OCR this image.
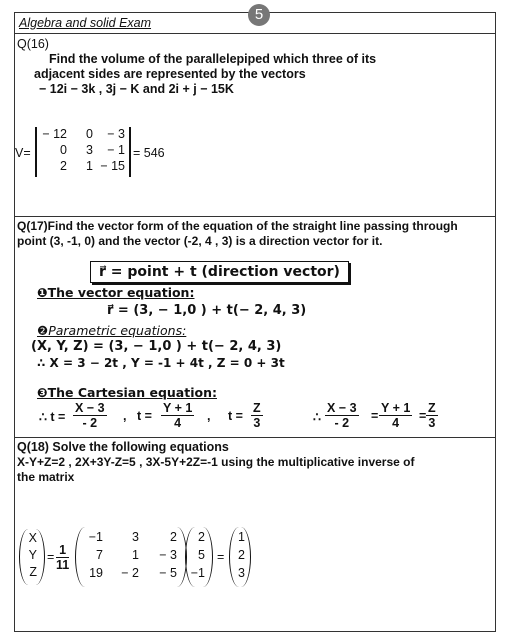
5
Algebra and solid Exam
Q(16)
Find the volume of the parallelepiped which three of its
adjacent sides are represented by the vectors
− 12i − 3k , 3j − K and 2i + j − 15K
V=
− 12	0	− 3
0	3	− 1
2	1 − 15
= 546
Q(17)Find the vector form of the equation of the straight line passing through
point (3, -1, 0) and the vector (-2, 4 , 3) is a direction vector for it.
r⃗ = point + t (direction vector)
❶The vector equation:
r⃗ = (3, − 1,0 ) + t(− 2, 4, 3)
❷Parametric equations:
(X, Y, Z) = (3, − 1,0 ) + t(− 2, 4, 3)
∴ X = 3 − 2t , Y = -1 + 4t , Z = 0 + 3t
❸The Cartesian equation:
∴ $t = \frac{X - 3}{- 2}$ , $t = \frac{Y + 1}{4}$ , $t = \frac{Z}{3}$	∴ $\frac{X - 3}{- 2} = \frac{Y + 1}{4} = \frac{Z}{3}$
Q(18) Solve the following equations
X-Y+Z=2 , 2X+3Y-Z=5 , 3X-5Y+2Z=-1 using the multiplicative inverse of
the matrix
X
Y
Z
= $\frac{1}{11}$
−1	3	2
7	1	− 3
19	− 2	− 5
2
5
−1
=
1
2
3
